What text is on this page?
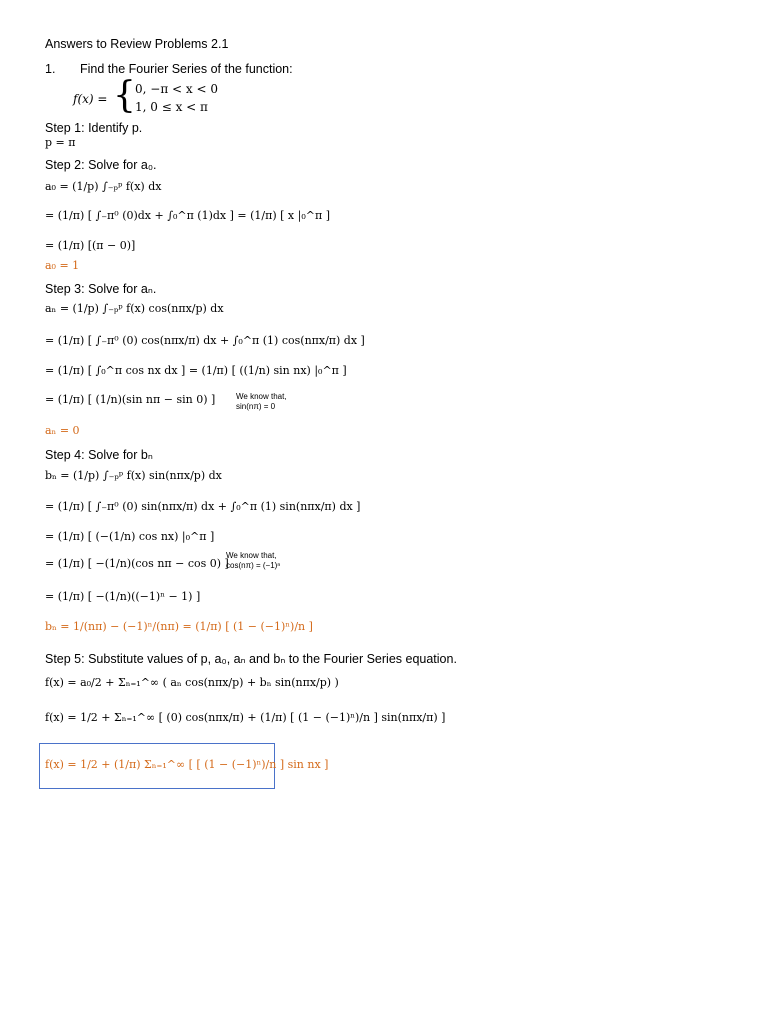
Answers to Review Problems 2.1
1. Find the Fourier Series of the function:
f(x) = { 0, −π < x < 0
1, 0 ≤ x < π
Step 1: Identify p.
p = π
Step 2: Solve for a₀.
a₀ = (1/p) ∫₋ₚᵖ f(x) dx
= (1/π) [ ∫₋π⁰ (0)dx + ∫₀^π (1)dx ] = (1/π) [ x |₀^π ]
= (1/π) [(π − 0)]
a₀ = 1
Step 3: Solve for aₙ.
aₙ = (1/p) ∫₋ₚᵖ f(x) cos(nπx/p) dx
= (1/π) [ ∫₋π⁰ (0) cos(nπx/π) dx + ∫₀^π (1) cos(nπx/π) dx ]
= (1/π) [ ∫₀^π cos nx dx ] = (1/π) [ ((1/n) sin nx) |₀^π ]
= (1/π) [ (1/n)(sin nπ − sin 0) ]	We know that,
sin(nπ) = 0
aₙ = 0
Step 4: Solve for bₙ
bₙ = (1/p) ∫₋ₚᵖ f(x) sin(nπx/p) dx
= (1/π) [ ∫₋π⁰ (0) sin(nπx/π) dx + ∫₀^π (1) sin(nπx/π) dx ]
= (1/π) [ (−(1/n) cos nx) |₀^π ]
= (1/π) [ −(1/n)(cos nπ − cos 0) ]
We know that,
cos(nπ) = (−1)ⁿ
= (1/π) [ −(1/n)((−1)ⁿ − 1) ]
bₙ = 1/(nπ) − (−1)ⁿ/(nπ) = (1/π) [ (1 − (−1)ⁿ)/n ]
Step 5: Substitute values of p, a₀, aₙ and bₙ to the Fourier Series equation.
f(x) = a₀/2 + Σₙ₌₁^∞ ( aₙ cos(nπx/p) + bₙ sin(nπx/p) )
f(x) = 1/2 + Σₙ₌₁^∞ [ (0) cos(nπx/π) + (1/π) [ (1 − (−1)ⁿ)/n ] sin(nπx/π) ]
f(x) = 1/2 + (1/π) Σₙ₌₁^∞ [ [ (1 − (−1)ⁿ)/n ] sin nx ]
